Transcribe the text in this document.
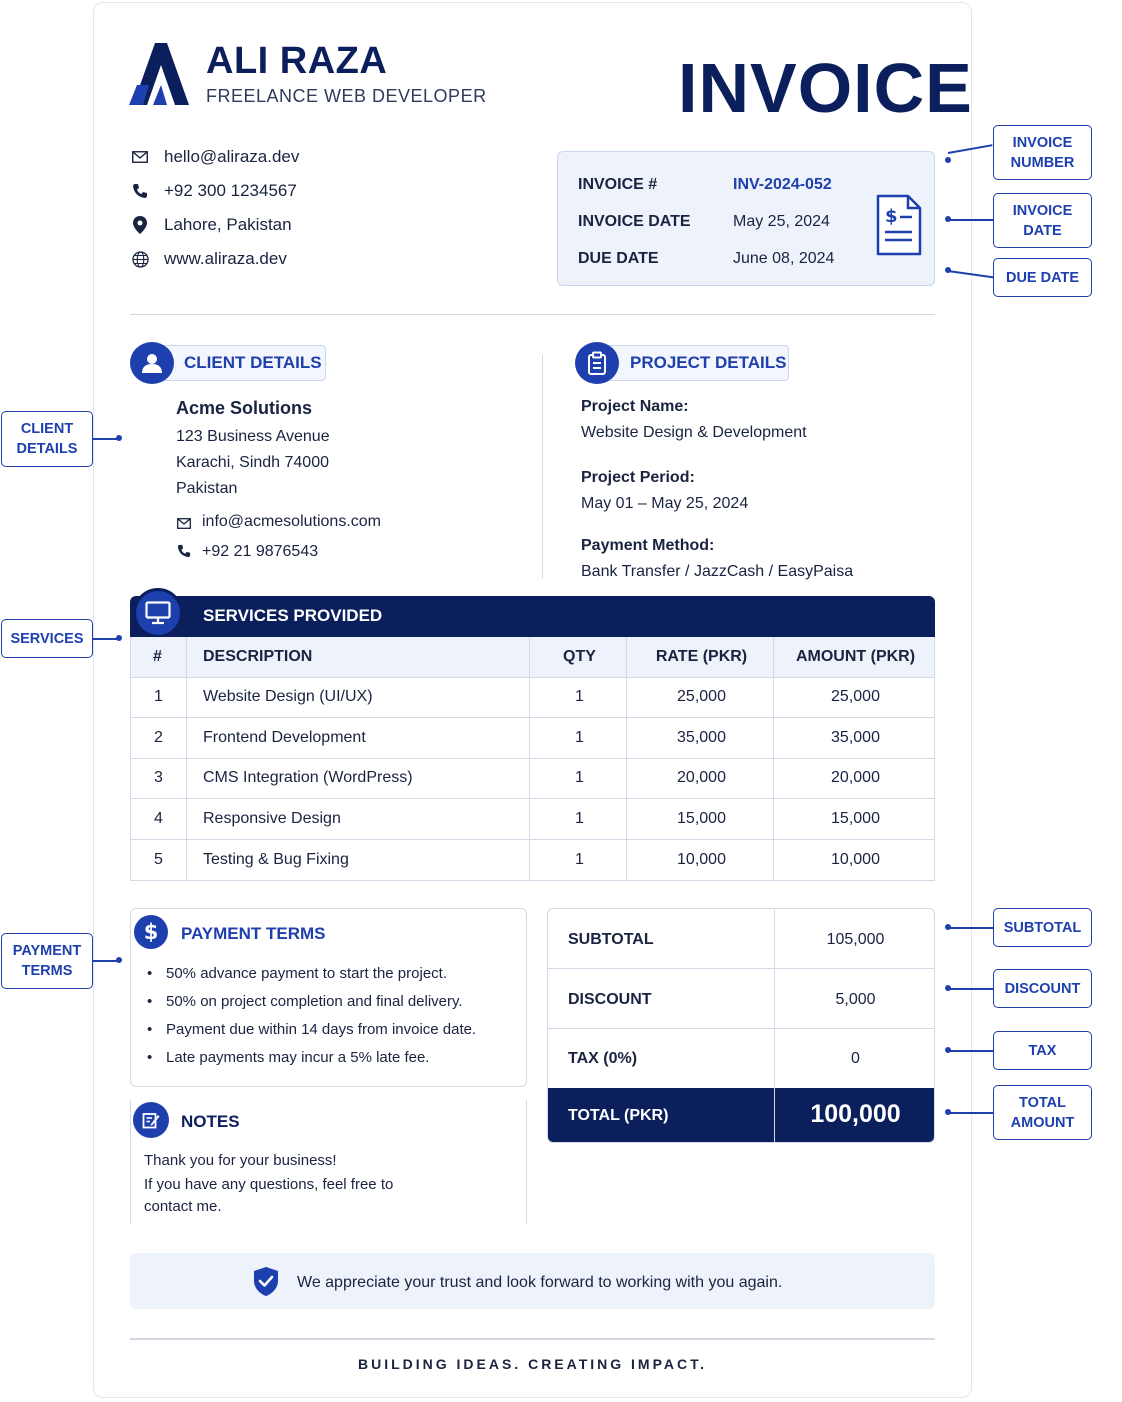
ALI RAZA
FREELANCE WEB DEVELOPER	INVOICE
hello@aliraza.dev
+92 300 1234567
Lahore, Pakistan
www.aliraza.dev
INVOICE #	INV-2024-052
INVOICE DATE	May 25, 2024
DUE DATE	June 08, 2024
$
CLIENT DETAILS
Acme Solutions
123 Business Avenue
Karachi, Sindh 74000
Pakistan
info@acmesolutions.com
+92 21 9876543
PROJECT DETAILS
Project Name:
Website Design & Development
Project Period:
May 01 – May 25, 2024
Payment Method:
Bank Transfer / JazzCash / EasyPaisa
SERVICES PROVIDED
#	DESCRIPTION	QTY	RATE (PKR)	AMOUNT (PKR)
1	Website Design (UI/UX)	1	25,000	25,000
2	Frontend Development	1	35,000	35,000
3	CMS Integration (WordPress)	1	20,000	20,000
4	Responsive Design	1	15,000	15,000
5	Testing & Bug Fixing	1	10,000	10,000
$ PAYMENT TERMS
• 50% advance payment to start the project.
• 50% on project completion and final delivery.
• Payment due within 14 days from invoice date.
• Late payments may incur a 5% late fee.
NOTES
Thank you for your business!
If you have any questions, feel free to
contact me.
SUBTOTAL	105,000
DISCOUNT	5,000
TAX (0%)	0
TOTAL (PKR)	100,000
We appreciate your trust and look forward to working with you again.
BUILDING IDEAS. CREATING IMPACT.
INVOICE
NUMBER
INVOICE
DATE
DUE DATE
SUBTOTAL
DISCOUNT
TAX
TOTAL
AMOUNT
CLIENT
DETAILS
SERVICES
PAYMENT
TERMS
